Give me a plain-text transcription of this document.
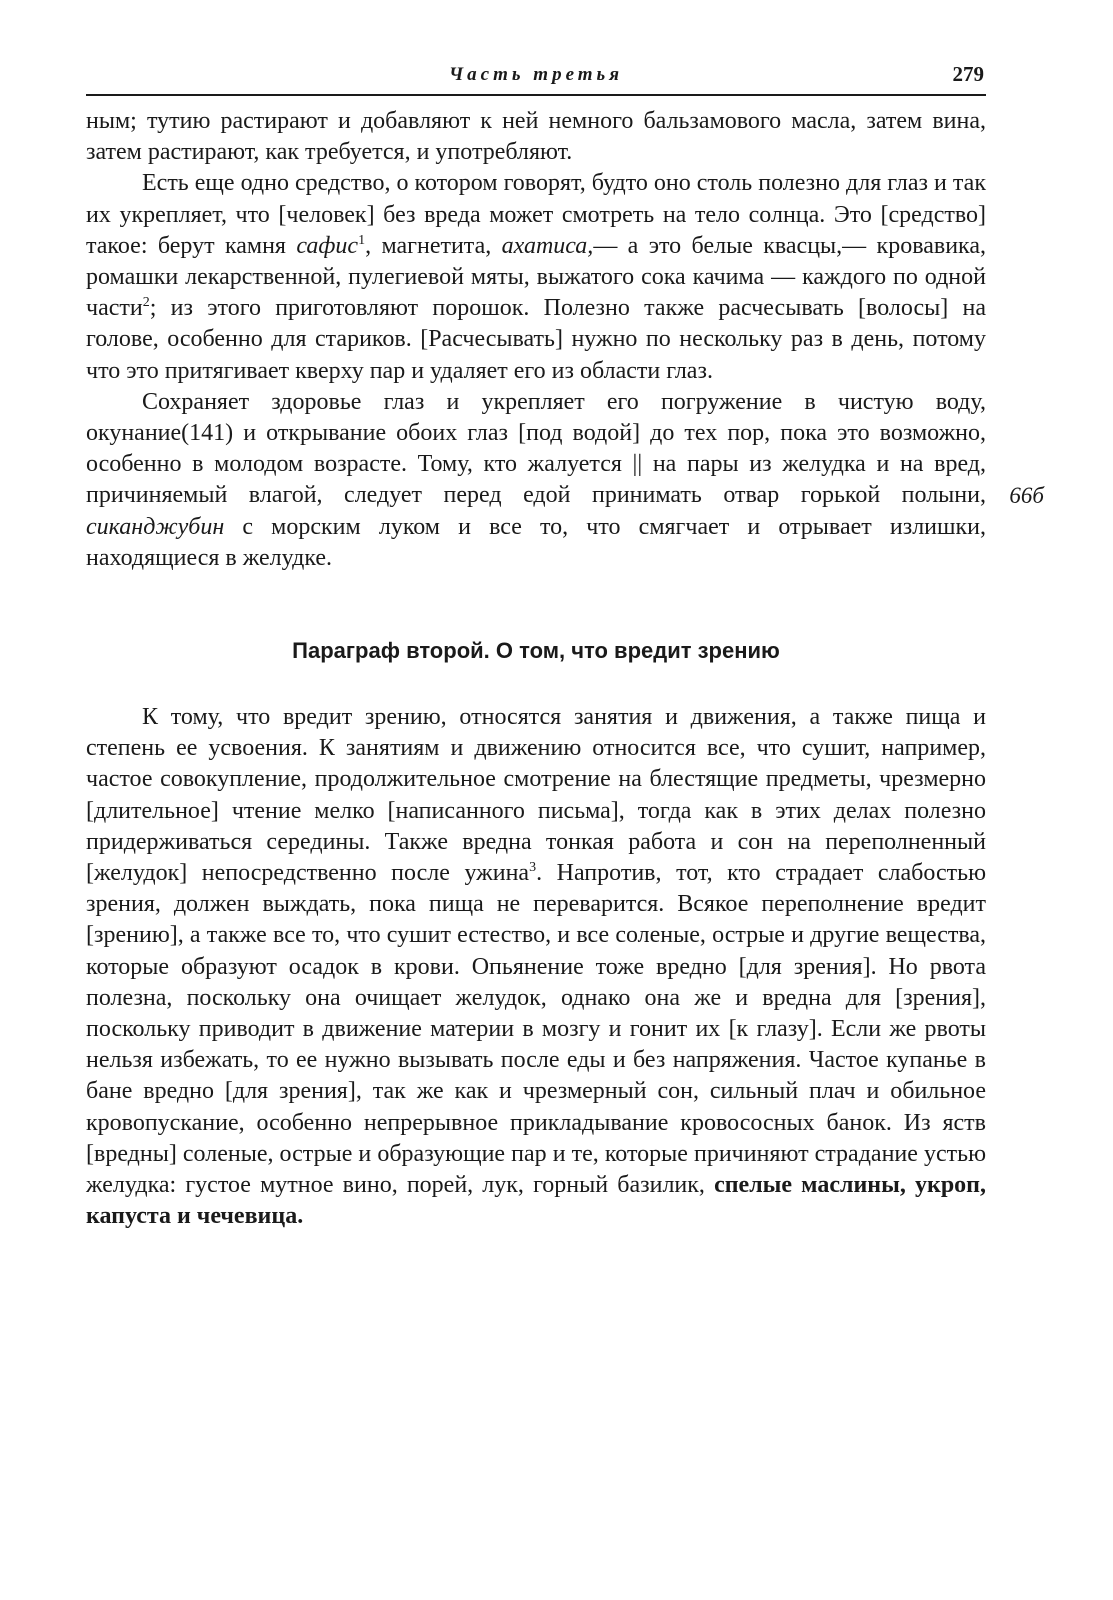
Часть третья	279

ным; тутию растирают и добавляют к ней немного бальзамового масла, затем вина, затем растирают, как требуется, и употребляют.

Есть еще одно средство, о котором говорят, будто оно столь полезно для глаз и так их укрепляет, что [человек] без вреда может смотреть на тело солнца. Это [средство] такое: берут камня сафис$^1$, магнетита, ахатиса,— а это белые квасцы,— кровавика, ромашки лекарственной, пулегиевой мяты, выжатого сока качима — каждого по одной части$^2$; из этого приготовляют порошок. Полезно также расчесывать [волосы] на голове, особенно для стариков. [Расчесывать] нужно по нескольку раз в день, потому что это притягивает кверху пар и удаляет его из области глаз.

66б
Сохраняет здоровье глаз и укрепляет его погружение в чистую воду, окунание(141) и открывание обоих глаз [под водой] до тех пор, пока это возможно, особенно в молодом возрасте. Тому, кто жалуется || на пары из желудка и на вред, причиняемый влагой, следует перед едой принимать отвар горькой полыни, сиканджубин с морским луком и все то, что смягчает и отрывает излишки, находящиеся в желудке.

Параграф второй. О том, что вредит зрению

К тому, что вредит зрению, относятся занятия и движения, а также пища и степень ее усвоения. К занятиям и движению относится все, что сушит, например, частое совокупление, продолжительное смотрение на блестящие предметы, чрезмерно [длительное] чтение мелко [написанного письма], тогда как в этих делах полезно придерживаться середины. Также вредна тонкая работа и сон на переполненный [желудок] непосредственно после ужина$^3$. Напротив, тот, кто страдает слабостью зрения, должен выждать, пока пища не переварится. Всякое переполнение вредит [зрению], а также все то, что сушит естество, и все соленые, острые и другие вещества, которые образуют осадок в крови. Опьянение тоже вредно [для зрения]. Но рвота полезна, поскольку она очищает желудок, однако она же и вредна для [зрения], поскольку приводит в движение материи в мозгу и гонит их [к глазу]. Если же рвоты нельзя избежать, то ее нужно вызывать после еды и без напряжения. Частое купанье в бане вредно [для зрения], так же как и чрезмерный сон, сильный плач и обильное кровопускание, особенно непрерывное прикладывание кровососных банок. Из яств [вредны] соленые, острые и образующие пар и те, которые причиняют страдание устью желудка: густое мутное вино, порей, лук, горный базилик, спелые маслины, укроп, капуста и чечевица.
